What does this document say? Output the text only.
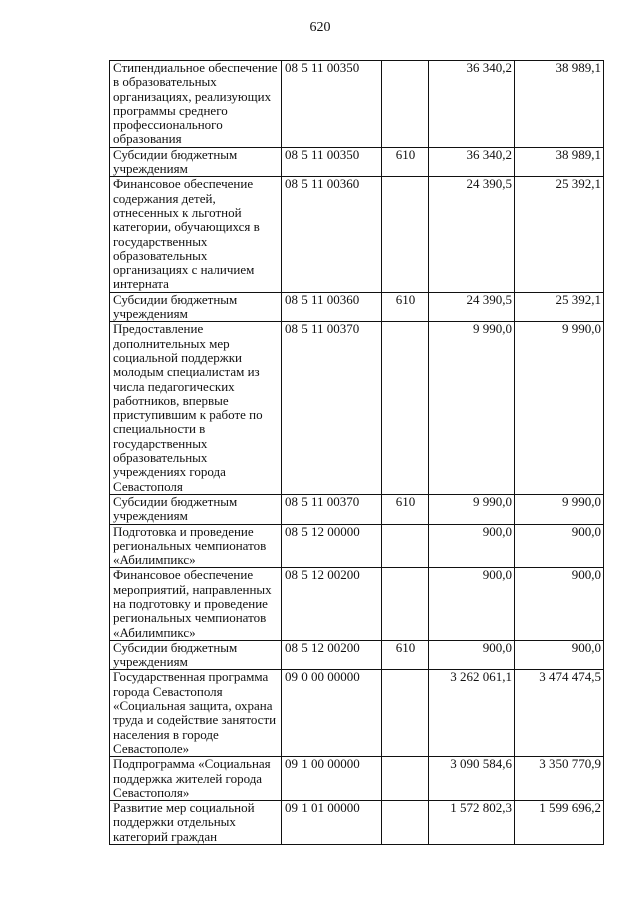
620
Стипендиальное обеспечение в образовательных организациях, реализующих программы среднего профессионального образования	08 5 11 00350		36 340,2	38 989,1
Субсидии бюджетным учреждениям	08 5 11 00350	610	36 340,2	38 989,1
Финансовое обеспечение содержания детей, отнесенных к льготной категории, обучающихся в государственных образовательных организациях с наличием интерната	08 5 11 00360		24 390,5	25 392,1
Субсидии бюджетным учреждениям	08 5 11 00360	610	24 390,5	25 392,1
Предоставление дополнительных мер социальной поддержки молодым специалистам из числа педагогических работников, впервые приступившим к работе по специальности в государственных образовательных учреждениях города Севастополя	08 5 11 00370		9 990,0	9 990,0
Субсидии бюджетным учреждениям	08 5 11 00370	610	9 990,0	9 990,0
Подготовка и проведение региональных чемпионатов «Абилимпикс»	08 5 12 00000		900,0	900,0
Финансовое обеспечение мероприятий, направленных на подготовку и проведение региональных чемпионатов «Абилимпикс»	08 5 12 00200		900,0	900,0
Субсидии бюджетным учреждениям	08 5 12 00200	610	900,0	900,0
Государственная программа города Севастополя «Социальная защита, охрана труда и содействие занятости населения в городе Севастополе»	09 0 00 00000		3 262 061,1	3 474 474,5
Подпрограмма «Социальная поддержка жителей города Севастополя»	09 1 00 00000		3 090 584,6	3 350 770,9
Развитие мер социальной поддержки отдельных категорий граждан	09 1 01 00000		1 572 802,3	1 599 696,2
